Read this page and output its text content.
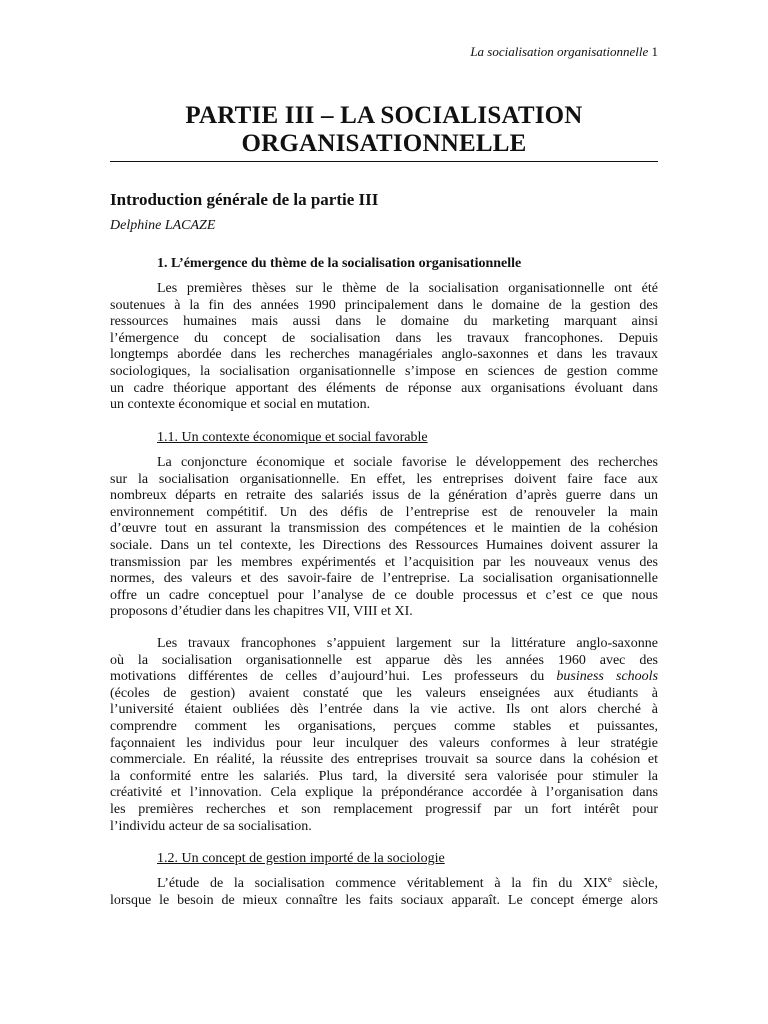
La socialisation organisationnelle 1
PARTIE III – LA SOCIALISATION
ORGANISATIONNELLE
Introduction générale de la partie III
Delphine LACAZE
1. L’émergence du thème de la socialisation organisationnelle
Les premières thèses sur le thème de la socialisation organisationnelle ont été
soutenues à la fin des années 1990 principalement dans le domaine de la gestion des
ressources humaines mais aussi dans le domaine du marketing marquant ainsi
l’émergence du concept de socialisation dans les travaux francophones. Depuis
longtemps abordée dans les recherches managériales anglo-saxonnes et dans les travaux
sociologiques, la socialisation organisationnelle s’impose en sciences de gestion comme
un cadre théorique apportant des éléments de réponse aux organisations évoluant dans
un contexte économique et social en mutation.
1.1. Un contexte économique et social favorable
La conjoncture économique et sociale favorise le développement des recherches
sur la socialisation organisationnelle. En effet, les entreprises doivent faire face aux
nombreux départs en retraite des salariés issus de la génération d’après guerre dans un
environnement compétitif. Un des défis de l’entreprise est de renouveler la main
d’œuvre tout en assurant la transmission des compétences et le maintien de la cohésion
sociale. Dans un tel contexte, les Directions des Ressources Humaines doivent assurer la
transmission par les membres expérimentés et l’acquisition par les nouveaux venus des
normes, des valeurs et des savoir-faire de l’entreprise. La socialisation organisationnelle
offre un cadre conceptuel pour l’analyse de ce double processus et c’est ce que nous
proposons d’étudier dans les chapitres VII, VIII et XI.
Les travaux francophones s’appuient largement sur la littérature anglo-saxonne
où la socialisation organisationnelle est apparue dès les années 1960 avec des
motivations différentes de celles d’aujourd’hui. Les professeurs du business schools
(écoles de gestion) avaient constaté que les valeurs enseignées aux étudiants à
l’université étaient oubliées dès l’entrée dans la vie active. Ils ont alors cherché à
comprendre comment les organisations, perçues comme stables et puissantes,
façonnaient les individus pour leur inculquer des valeurs conformes à leur stratégie
commerciale. En réalité, la réussite des entreprises trouvait sa source dans la cohésion et
la conformité entre les salariés. Plus tard, la diversité sera valorisée pour stimuler la
créativité et l’innovation. Cela explique la prépondérance accordée à l’organisation dans
les premières recherches et son remplacement progressif par un fort intérêt pour
l’individu acteur de sa socialisation.
1.2. Un concept de gestion importé de la sociologie
L’étude de la socialisation commence véritablement à la fin du XIXe siècle,
lorsque le besoin de mieux connaître les faits sociaux apparaît. Le concept émerge alors
